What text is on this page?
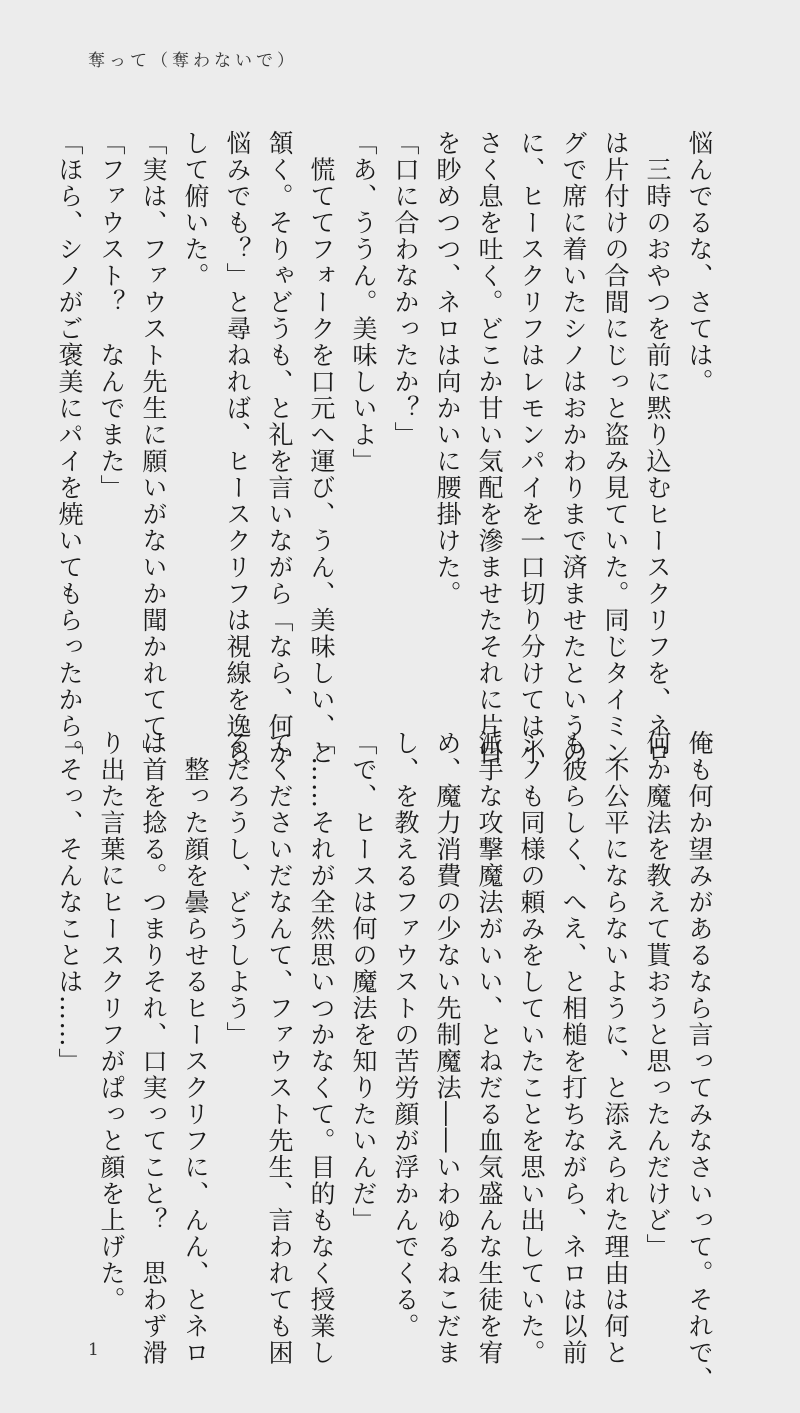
奪って（奪わないで）

悩んでるな、さては。

　三時のおやつを前に黙り込むヒースクリフを、ネロ

は片付けの合間にじっと盗み見ていた。同じタイミン

グで席に着いたシノはおかわりまで済ませたというの

に、ヒースクリフはレモンパイを一口切り分けては小

さく息を吐く。どこか甘い気配を滲ませたそれに片目

を眇めつつ、ネロは向かいに腰掛けた。

「口に合わなかったか？」

「あ、ううん。美味しいよ」

　慌ててフォークを口元へ運び、うん、美味しい、と

頷く。そりゃどうも、と礼を言いながら「なら、何か

悩みでも？」と尋ねれば、ヒースクリフは視線を逸ら

して俯いた。

「実は、ファウスト先生に願いがないか聞かれてて」

「ファウスト？　なんでまた」

「ほら、シノがご褒美にパイを焼いてもらったから。

俺も何か望みがあるなら言ってみなさいって。それで、

何か魔法を教えて貰おうと思ったんだけど」

　不公平にならないように、と添えられた理由は何と

も彼らしく、へえ、と相槌を打ちながら、ネロは以前

シノも同様の頼みをしていたことを思い出していた。

派手な攻撃魔法がいい、とねだる血気盛んな生徒を宥

め、魔力消費の少ない先制魔法――いわゆるねこだま

し、を教えるファウストの苦労顔が浮かんでくる。

「で、ヒースは何の魔法を知りたいんだ」

「……それが全然思いつかなくて。目的もなく授業し

てくださいだなんて、ファウスト先生、言われても困

るだろうし、どうしよう」

　整った顔を曇らせるヒースクリフに、んん、とネロ

は首を捻る。つまりそれ、口実ってこと？　思わず滑

り出た言葉にヒースクリフがぱっと顔を上げた。

「そっ、そんなことは……」

1
